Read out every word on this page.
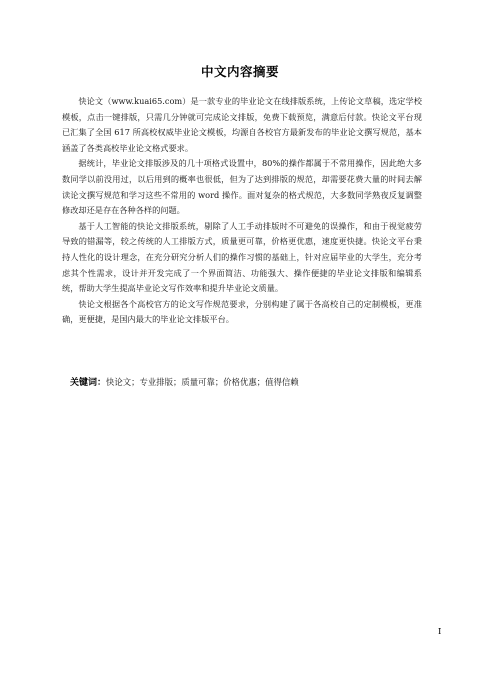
中文内容摘要

快论文（www.kuai65.com）是一款专业的毕业论文在线排版系统，上传论文草稿，选定学校模板，点击一键排版，只需几分钟就可完成论文排版，免费下载预览，满意后付款。快论文平台现已汇集了全国 617 所高校权威毕业论文模板，均源自各校官方最新发布的毕业论文撰写规范，基本涵盖了各类高校毕业论文格式要求。

据统计，毕业论文排版涉及的几十项格式设置中，80%的操作都属于不常用操作，因此绝大多数同学以前没用过，以后用到的概率也很低，但为了达到排版的规范，却需要花费大量的时间去解读论文撰写规范和学习这些不常用的 word 操作。面对复杂的格式规范，大多数同学熟夜反复调整修改却还是存在各种各样的问题。

基于人工智能的快论文排版系统，剔除了人工手动排版时不可避免的误操作，和由于视觉疲劳导致的错漏等，较之传统的人工排版方式，质量更可靠，价格更优惠，速度更快捷。快论文平台秉持人性化的设计理念，在充分研究分析人们的操作习惯的基础上，针对应届毕业的大学生，充分考虑其个性需求，设计并开发完成了一个界面简洁、功能强大、操作便捷的毕业论文排版和编辑系统，帮助大学生提高毕业论文写作效率和提升毕业论文质量。

快论文根据各个高校官方的论文写作规范要求，分别构建了属于各高校自己的定制模板，更准确，更便捷，是国内最大的毕业论文排版平台。

关键词：快论文；专业排版；质量可靠；价格优惠；值得信赖
I
